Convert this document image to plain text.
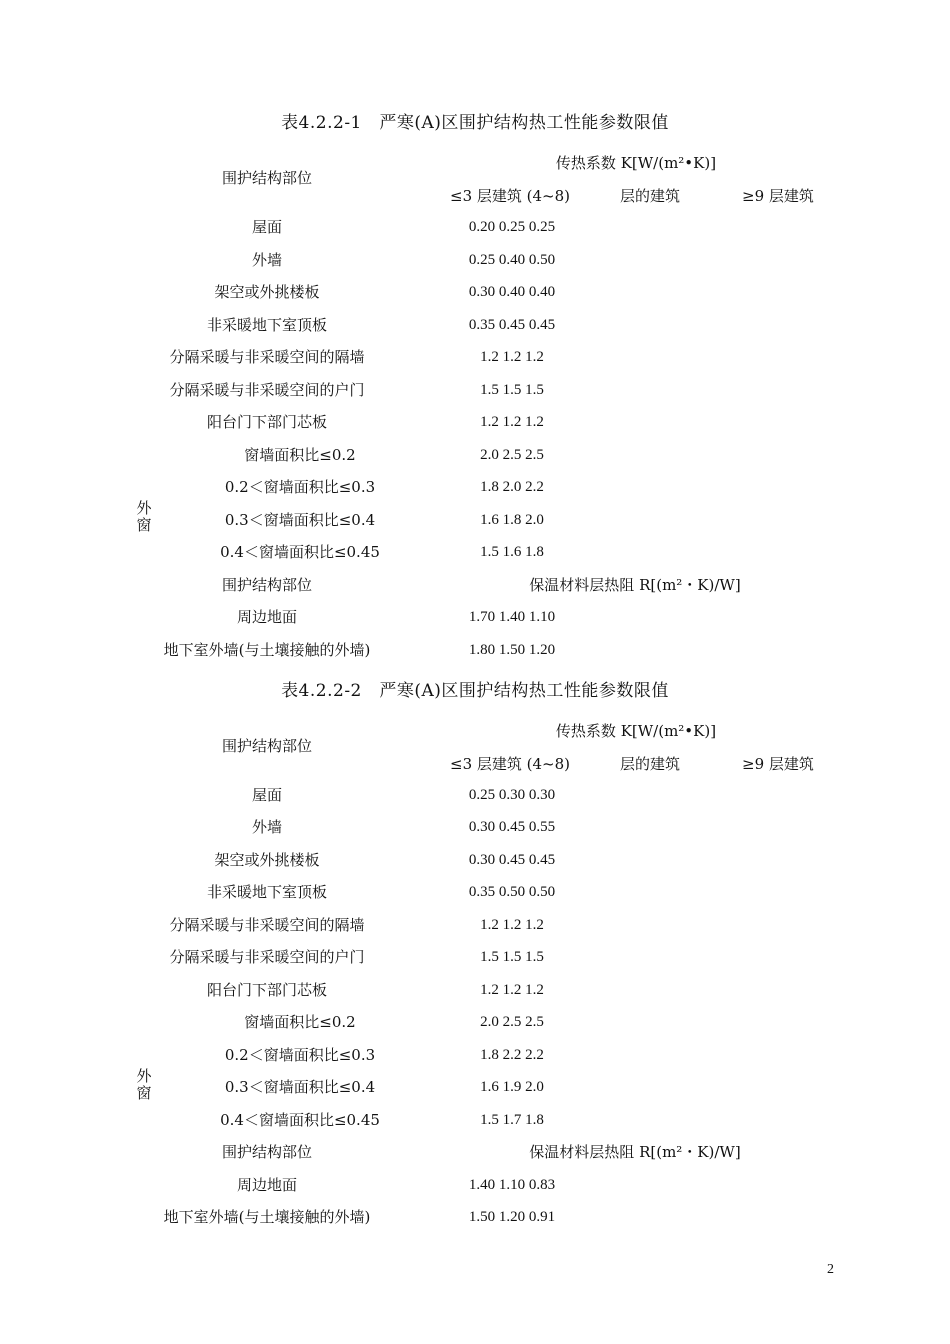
表4.2.2-1　严寒(A)区围护结构热工性能参数限值
围护结构部位
传热系数 K[W/(m²•K)]
≤3 层建筑 (4~8)	层的建筑	≥9 层建筑
屋面	0.20 0.25 0.25
外墙	0.25 0.40 0.50
架空或外挑楼板	0.30 0.40 0.40
非采暖地下室顶板	0.35 0.45 0.45
分隔采暖与非采暖空间的隔墙	1.2 1.2 1.2
分隔采暖与非采暖空间的户门	1.5 1.5 1.5
阳台门下部门芯板	1.2 1.2 1.2
外
窗
窗墙面积比≤0.2	2.0 2.5 2.5
0.2＜窗墙面积比≤0.3	1.8 2.0 2.2
0.3＜窗墙面积比≤0.4	1.6 1.8 2.0
0.4＜窗墙面积比≤0.45	1.5 1.6 1.8
围护结构部位	保温材料层热阻 R[(m²・K)/W]
周边地面	1.70 1.40 1.10
地下室外墙(与土壤接触的外墙)	1.80 1.50 1.20
表4.2.2-2　严寒(A)区围护结构热工性能参数限值
围护结构部位
传热系数 K[W/(m²•K)]
≤3 层建筑 (4~8)	层的建筑	≥9 层建筑
屋面	0.25 0.30 0.30
外墙	0.30 0.45 0.55
架空或外挑楼板	0.30 0.45 0.45
非采暖地下室顶板	0.35 0.50 0.50
分隔采暖与非采暖空间的隔墙	1.2 1.2 1.2
分隔采暖与非采暖空间的户门	1.5 1.5 1.5
阳台门下部门芯板	1.2 1.2 1.2
外
窗
窗墙面积比≤0.2	2.0 2.5 2.5
0.2＜窗墙面积比≤0.3	1.8 2.2 2.2
0.3＜窗墙面积比≤0.4	1.6 1.9 2.0
0.4＜窗墙面积比≤0.45	1.5 1.7 1.8
围护结构部位	保温材料层热阻 R[(m²・K)/W]
周边地面	1.40 1.10 0.83
地下室外墙(与土壤接触的外墙)	1.50 1.20 0.91
2
